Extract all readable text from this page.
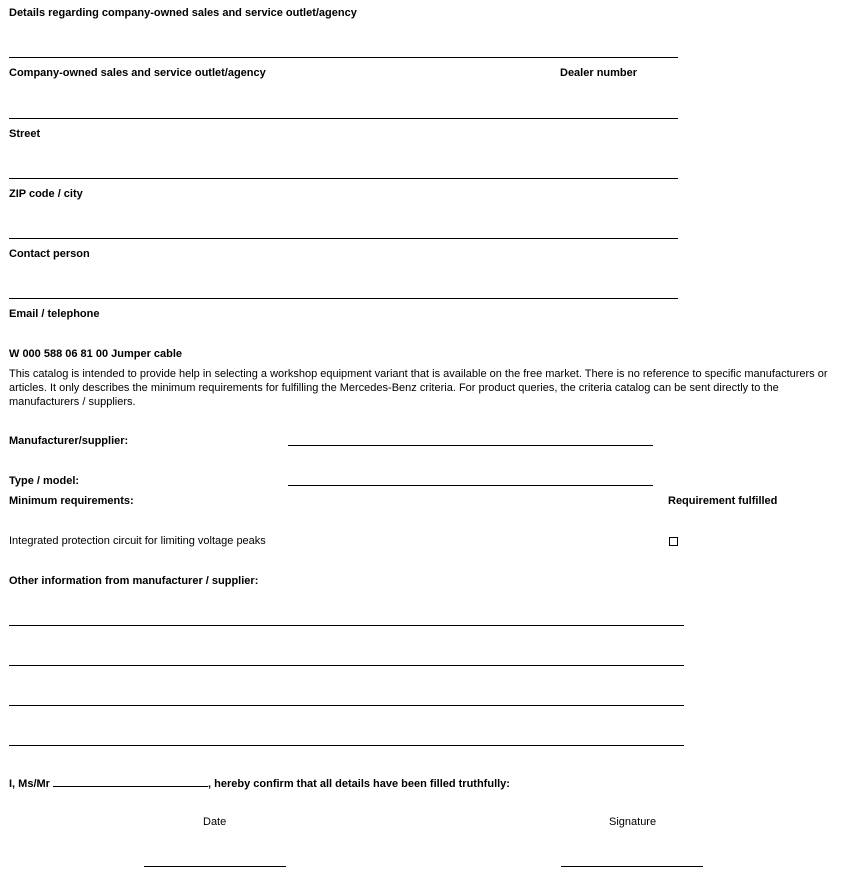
Details regarding company-owned sales and service outlet/agency
Company-owned sales and service outlet/agency	Dealer number
Street
ZIP code / city
Contact person
Email / telephone
W 000 588 06 81 00 Jumper cable
This catalog is intended to provide help in selecting a workshop equipment variant that is available on the free market. There is no reference to specific manufacturers or articles. It only describes the minimum requirements for fulfilling the Mercedes-Benz criteria. For product queries, the criteria catalog can be sent directly to the manufacturers / suppliers.
Manufacturer/supplier:
Type / model:
Minimum requirements:	Requirement fulfilled
Integrated protection circuit for limiting voltage peaks
Other information from manufacturer / supplier:
I, Ms/Mr	, hereby confirm that all details have been filled truthfully:
Date	Signature
